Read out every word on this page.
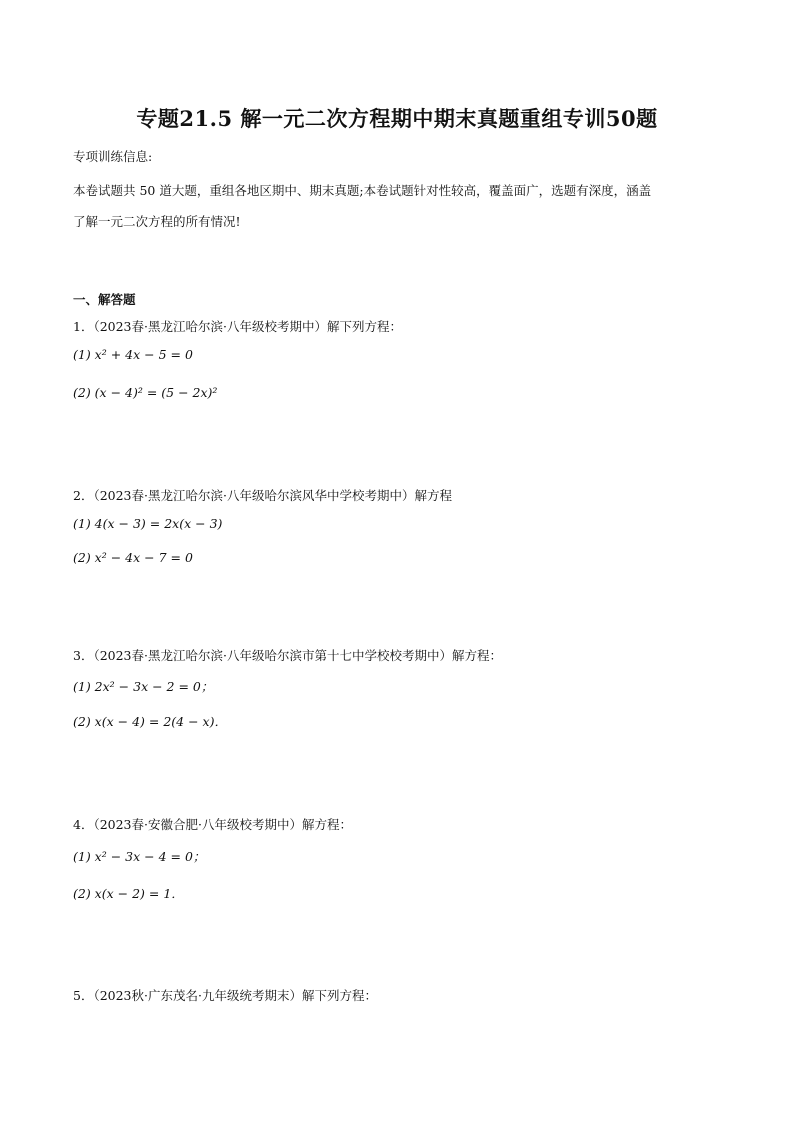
专题21.5 解一元二次方程期中期末真题重组专训50题
专项训练信息:
本卷试题共 50 道大题，重组各地区期中、期末真题;本卷试题针对性较高，覆盖面广，选题有深度，涵盖
了解一元二次方程的所有情况!
一、解答题
1．（2023春·黑龙江哈尔滨·八年级校考期中）解下列方程：
(1) x² + 4x − 5 = 0
(2) (x − 4)² = (5 − 2x)²
2．（2023春·黑龙江哈尔滨·八年级哈尔滨风华中学校考期中）解方程
(1) 4(x − 3) = 2x(x − 3)
(2) x² − 4x − 7 = 0
3．（2023春·黑龙江哈尔滨·八年级哈尔滨市第十七中学校校考期中）解方程：
(1) 2x² − 3x − 2 = 0；
(2) x(x − 4) = 2(4 − x)．
4．（2023春·安徽合肥·八年级校考期中）解方程：
(1) x² − 3x − 4 = 0；
(2) x(x − 2) = 1．
5．（2023秋·广东茂名·九年级统考期末）解下列方程：
